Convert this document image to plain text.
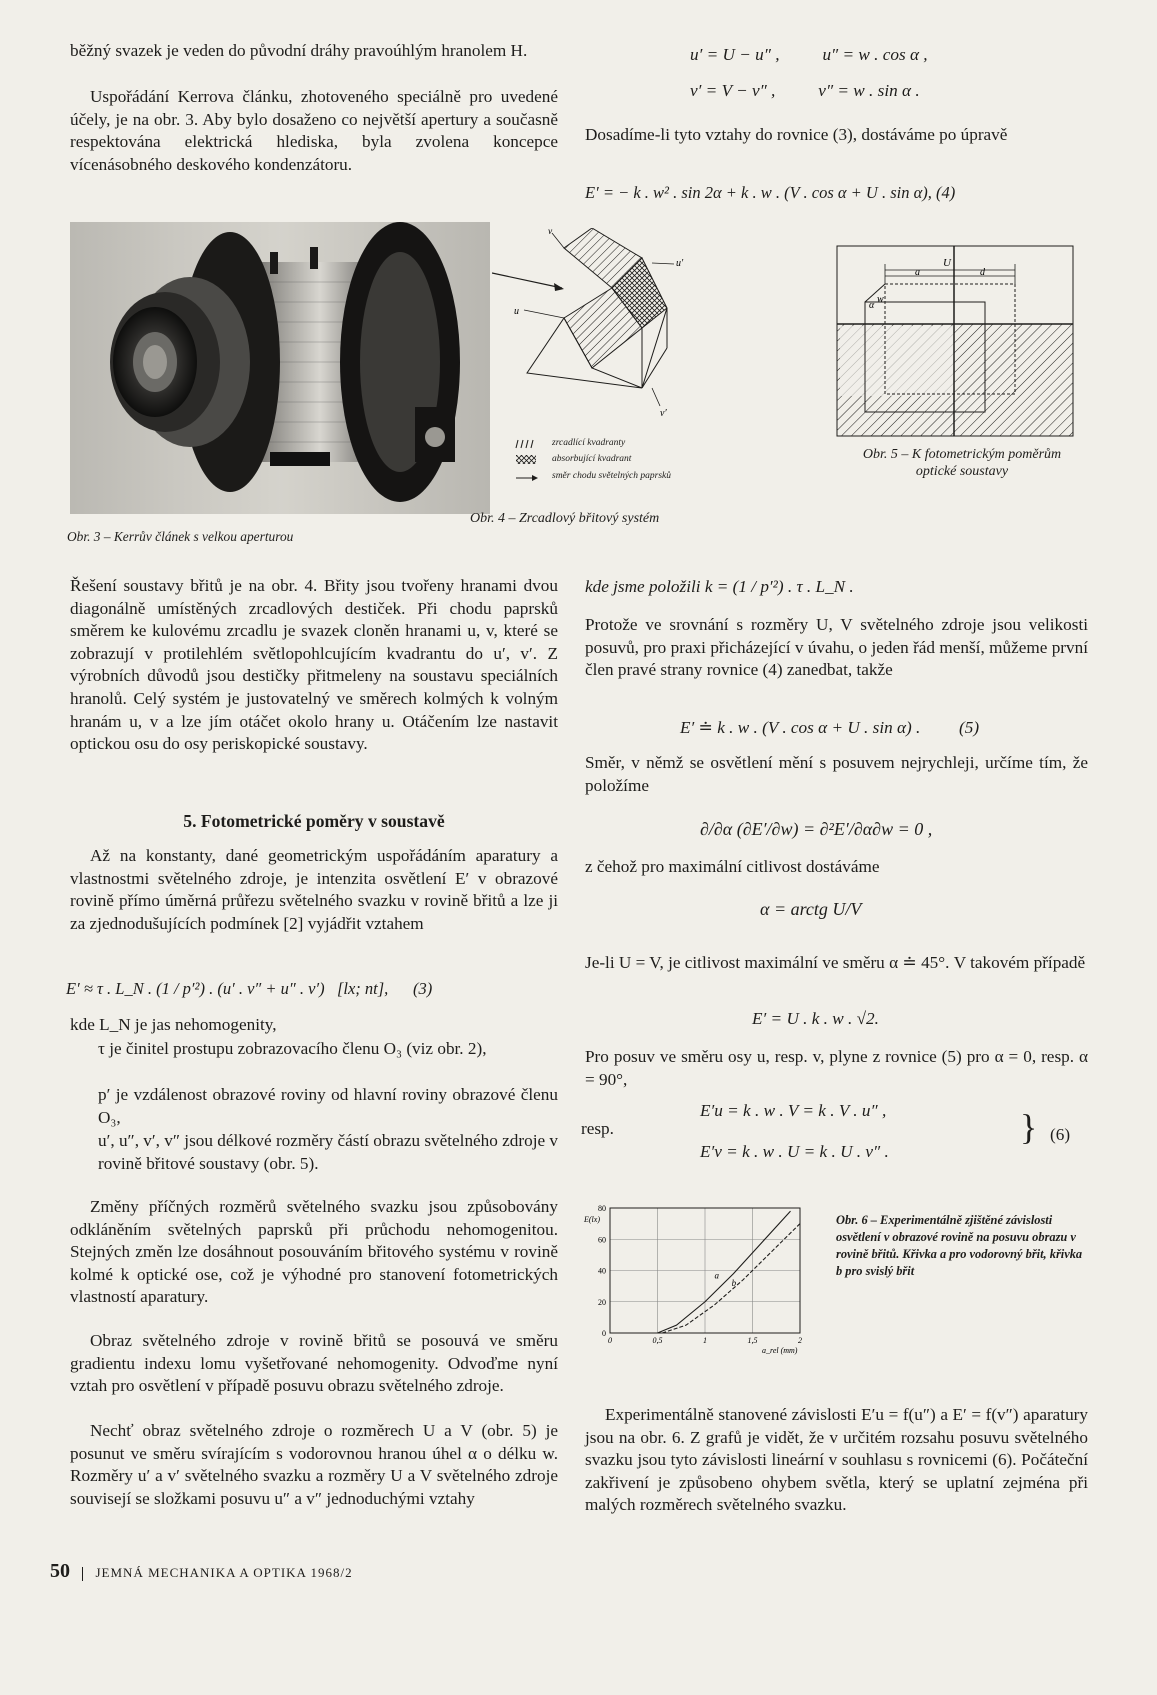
běžný svazek je veden do původní dráhy pravoúhlým hranolem H.

Uspořádání Kerrova článku, zhotoveného speciálně pro uvedené účely, je na obr. 3. Aby bylo dosaženo co největší apertury a současně respektována elektrická hlediska, byla zvolena koncepce vícenásobného deskového kondenzátoru.

Obr. 3 – Kerrův článek s velkou aperturou

Řešení soustavy břitů je na obr. 4. Břity jsou tvořeny hranami dvou diagonálně umístěných zrcadlových destiček. Při chodu paprsků směrem ke kulovému zrcadlu je svazek cloněn hranami u, v, které se zobrazují v protilehlém světlopohlcujícím kvadrantu do u′, v′. Z výrobních důvodů jsou destičky přitmeleny na soustavu speciálních hranolů. Celý systém je justovatelný ve směrech kolmých k volným hranám u, v a lze jím otáčet okolo hrany u. Otáčením lze nastavit optickou osu do osy periskopické soustavy.

5. Fotometrické poměry v soustavě

Až na konstanty, dané geometrickým uspořádáním aparatury a vlastnostmi světelného zdroje, je intenzita osvětlení E′ v obrazové rovině přímo úměrná průřezu světelného svazku v rovině břitů a lze ji za zjednodušujících podmínek [2] vyjádřit vztahem

E′ ≈ τ . L_N . (1 / p′²) . (u′ . v″ + u″ . v′)   [lx; nt],      (3)
kde L_N je jas nehomogenity,
τ je činitel prostupu zobrazovacího členu O₃ (viz obr. 2),
p′ je vzdálenost obrazové roviny od hlavní roviny obrazové členu O₃,
u′, u″, v′, v″ jsou délkové rozměry částí obrazu světelného zdroje v rovině břitové soustavy (obr. 5).

Změny příčných rozměrů světelného svazku jsou způsobovány odkláněním světelných paprsků při průchodu nehomogenitou. Stejných změn lze dosáhnout posouváním břitového systému v rovině kolmé k optické ose, což je výhodné pro stanovení fotometrických vlastností aparatury.

Obraz světelného zdroje v rovině břitů se posouvá ve směru gradientu indexu lomu vyšetřované nehomogenity. Odvoďme nyní vztah pro osvětlení v případě posuvu obrazu světelného zdroje.

Nechť obraz světelného zdroje o rozměrech U a V (obr. 5) je posunut ve směru svírajícím s vodorovnou hranou úhel α o délku w. Rozměry u′ a v′ světelného svazku a rozměry U a V světelného zdroje souvisejí se složkami posuvu u″ a v″ jednoduchými vztahy

u′ = U − u″ ,          u″ = w . cos α ,
v′ = V − v″ ,          v″ = w . sin α .

Dosadíme-li tyto vztahy do rovnice (3), dostáváme po úpravě

E′ = − k . w² . sin 2α + k . w . (V . cos α + U . sin α), (4)
v
u
u′
v′
zrcadlící kvadranty
absorbující kvadrant
směr chodu světelných paprsků
Obr. 4 – Zrcadlový břitový systém
U
a	d
w
α
Obr. 5 – K fotometrickým poměrům optické soustavy
kde jsme položili k = (1 / p′²) . τ . L_N .

Protože ve srovnání s rozměry U, V světelného zdroje jsou velikosti posuvů, pro praxi přicházející v úvahu, o jeden řád menší, můžeme první člen pravé strany rovnice (4) zanedbat, takže

E′ ≐ k . w . (V . cos α + U . sin α) .         (5)

Směr, v němž se osvětlení mění s posuvem nejrychleji, určíme tím, že položíme

∂/∂α (∂E′/∂w) = ∂²E′/∂α∂w = 0 ,

z čehož pro maximální citlivost dostáváme

α = arctg U/V

Je-li U = V, je citlivost maximální ve směru α ≐ 45°. V takovém případě

E′ = U . k . w . √2.

Pro posuv ve směru osy u, resp. v, plyne z rovnice (5) pro α = 0, resp. α = 90°,

E′u = k . w . V = k . V . u″ ,
resp.
E′v = k . w . U = k . U . v″ .
} (6)
80
60
40
20
0
0	0,5	1	1,5	2
E(lx)
a_rel (mm)
a
b
Obr. 6 – Experimentálně zjištěné závislosti osvětlení v obrazové rovině na posuvu obrazu v rovině břitů. Křivka a pro vodorovný břit, křivka b pro svislý břit

Experimentálně stanovené závislosti E′u = f(u″) a E′ = f(v″) aparatury jsou na obr. 6. Z grafů je vidět, že v určitém rozsahu posuvu světelného svazku jsou tyto závislosti lineární v souhlasu s rovnicemi (6). Počáteční zakřivení je způsobeno ohybem světla, který se uplatní zejména při malých rozměrech světelného svazku.

50 JEMNÁ MECHANIKA A OPTIKA 1968/2
